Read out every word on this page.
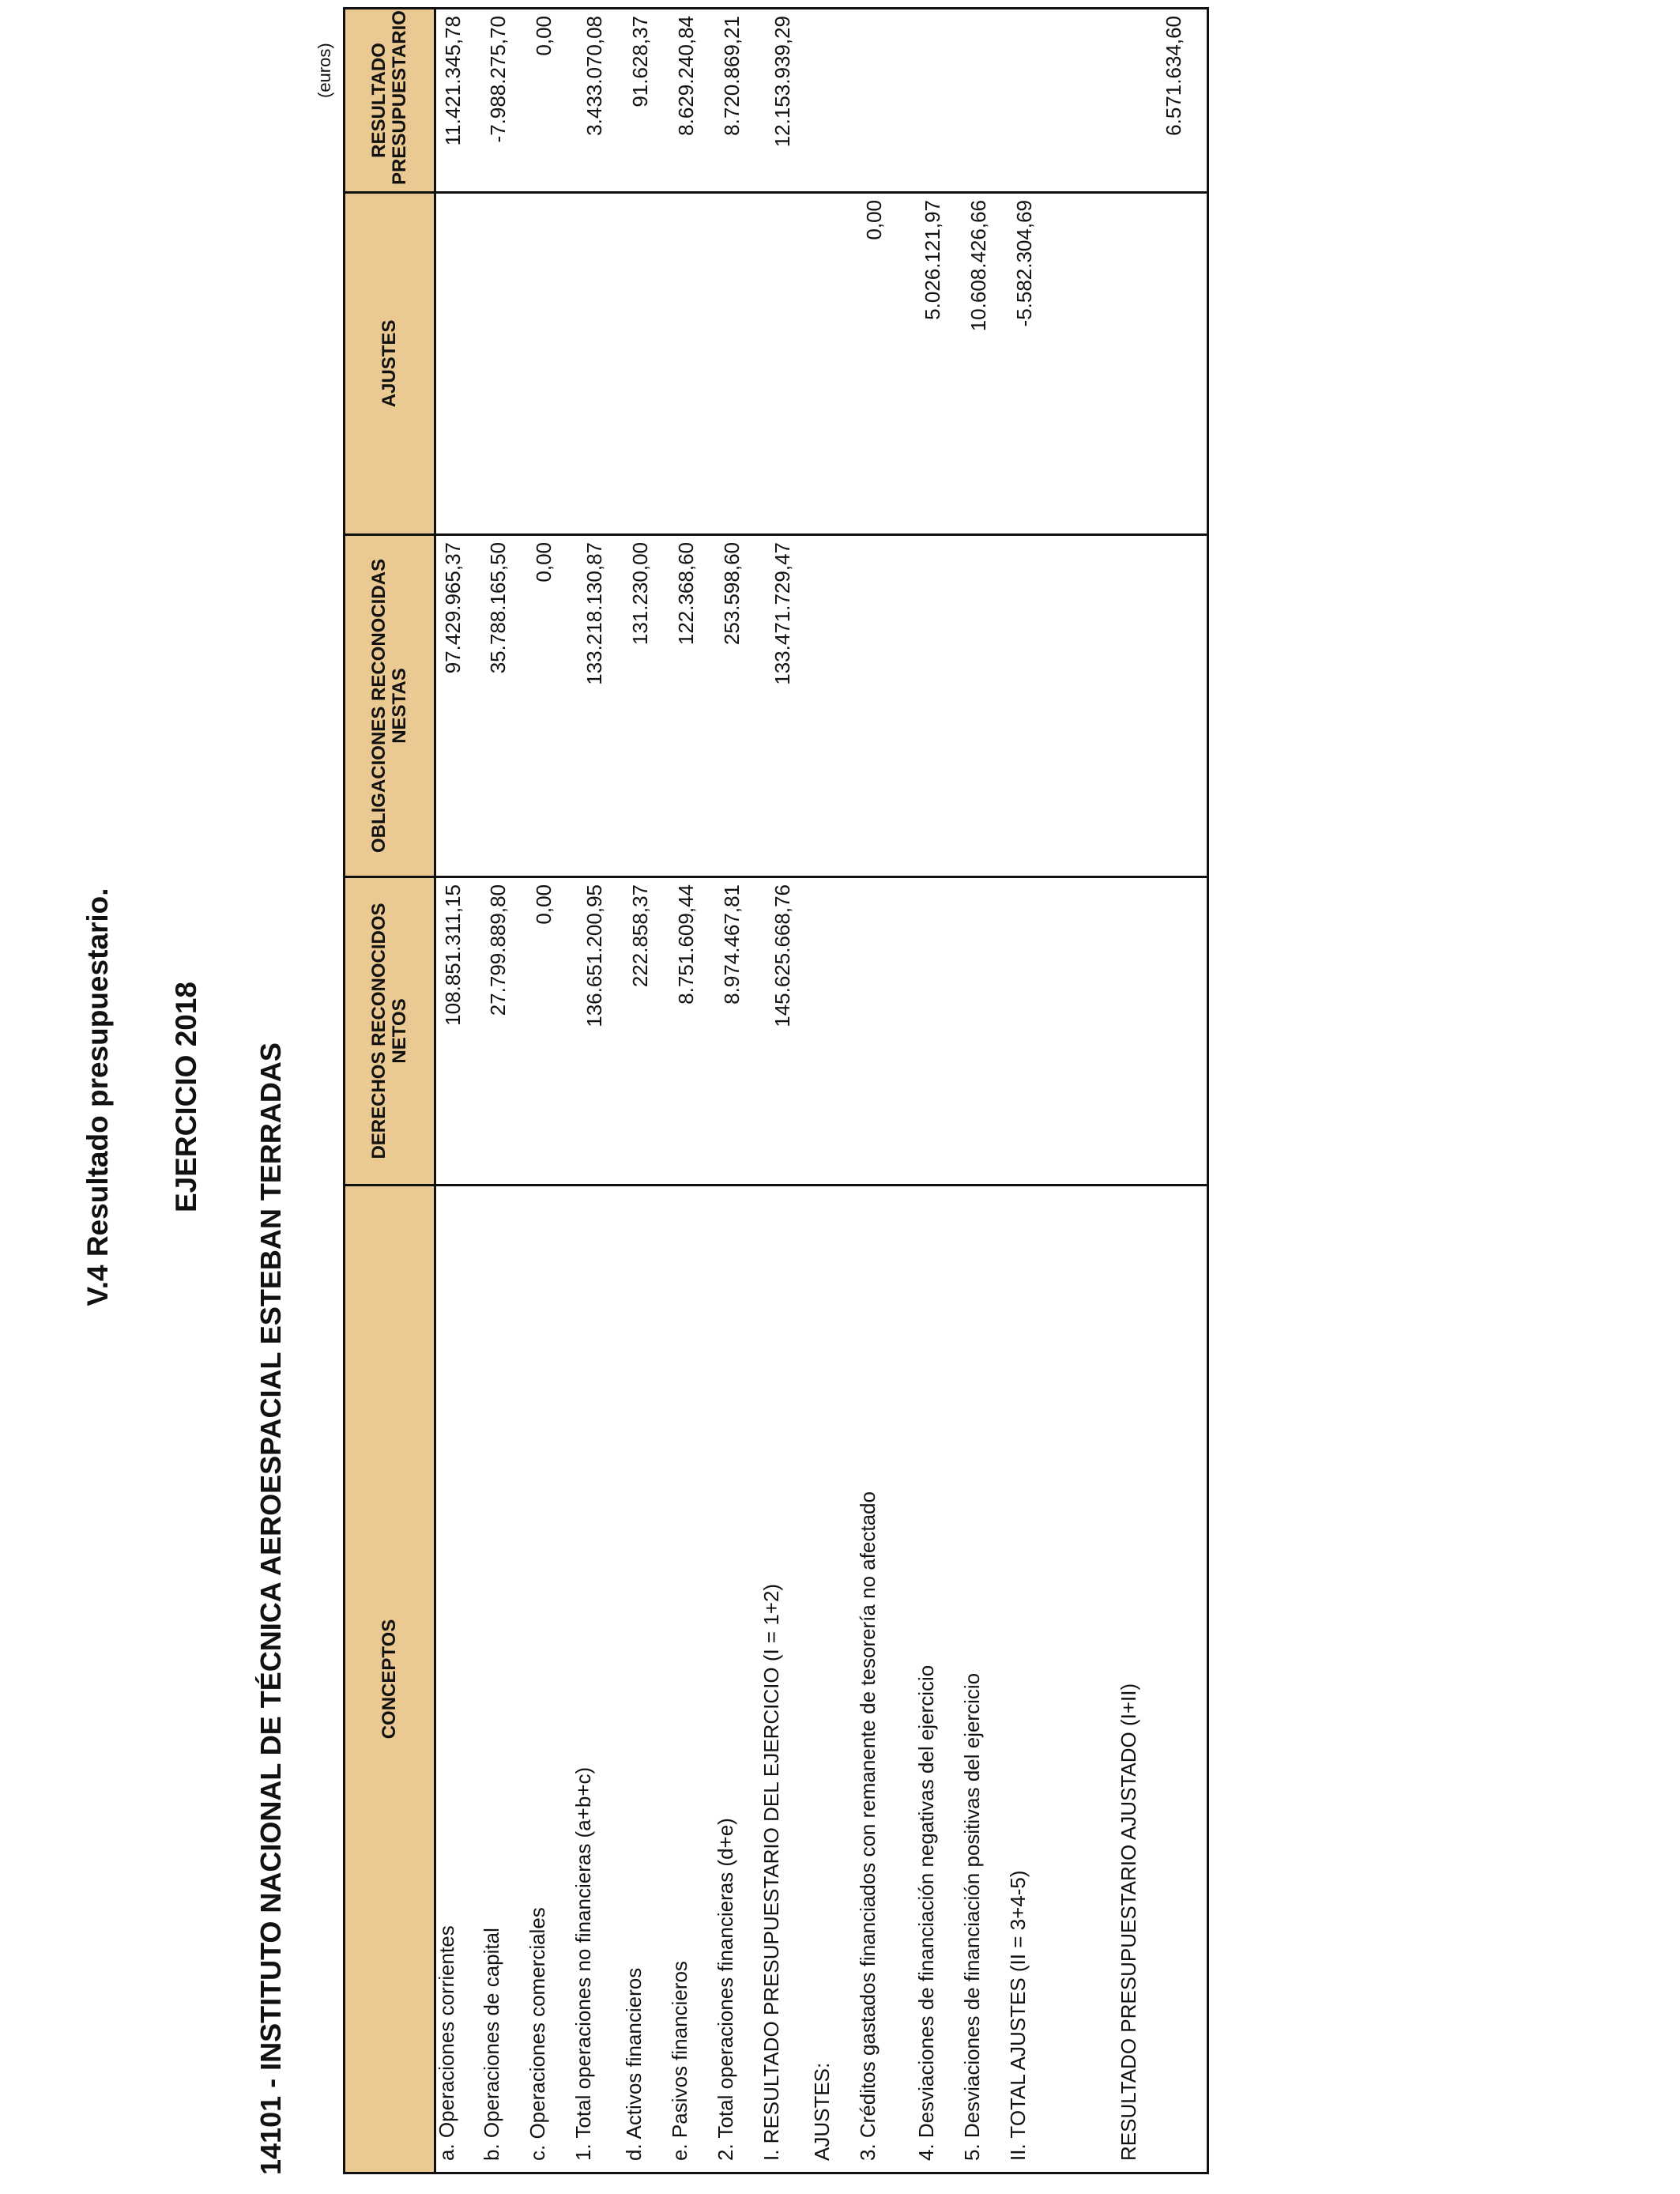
V.4 Resultado presupuestario. EJERCICIO 2018 14101 - INSTITUTO NACIONAL DE TÉCNICA AEROESPACIAL ESTEBAN TERRADAS
(euros)
CONCEPTOS	DERECHOS RECONOCIDOS NETOS	OBLIGACIONES RECONOCIDAS NESTAS	AJUSTES	RESULTADO PRESUPUESTARIO
a. Operaciones corrientes	108.851.311,15	97.429.965,37		11.421.345,78
b. Operaciones de capital	27.799.889,80	35.788.165,50		-7.988.275,70
c. Operaciones comerciales	0,00	0,00		0,00
1. Total operaciones no financieras (a+b+c)	136.651.200,95	133.218.130,87		3.433.070,08
d. Activos financieros	222.858,37	131.230,00		91.628,37
e. Pasivos financieros	8.751.609,44	122.368,60		8.629.240,84
2. Total operaciones financieras (d+e)	8.974.467,81	253.598,60		8.720.869,21
I. RESULTADO PRESUPUESTARIO DEL EJERCICIO (I = 1+2)	145.625.668,76	133.471.729,47		12.153.939,29
AJUSTES:				
3. Créditos gastados financiados con remanente de tesorería no afectado			0,00	
4. Desviaciones de financiación negativas del ejercicio			5.026.121,97	
5. Desviaciones de financiación positivas del ejercicio			10.608.426,66	
II. TOTAL AJUSTES (II = 3+4-5)			-5.582.304,69	

RESULTADO PRESUPUESTARIO AJUSTADO (I+II)				6.571.634,60
